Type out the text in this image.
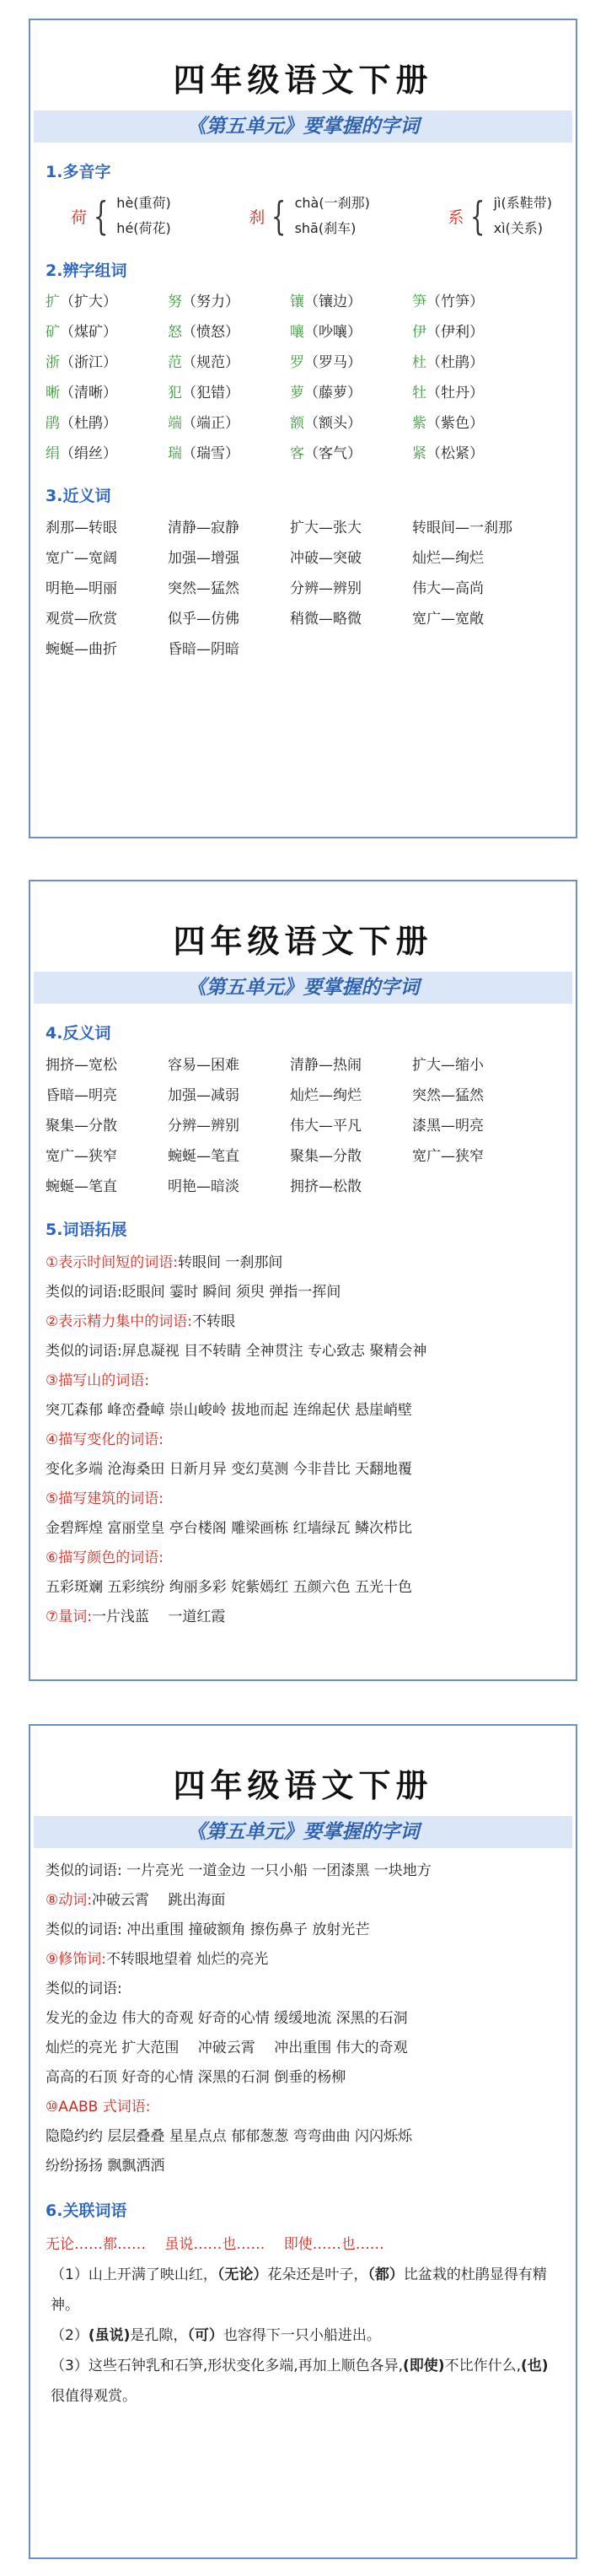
四年级语文下册
《第五单元》要掌握的字词
1.多音字
荷 { hè(重荷)
hé(荷花)
刹 { chà(一刹那)
shā(刹车)
系 { jì(系鞋带)
xì(关系)
2.辨字组词
扩（扩大）	努（努力）	镶（镶边）	笋（竹笋）
矿（煤矿）	怒（愤怒）	嚷（吵嚷）	伊（伊利）
浙（浙江）	范（规范）	罗（罗马）	杜（杜鹃）
晰（清晰）	犯（犯错）	萝（藤萝）	牡（牡丹）
鹃（杜鹃）	端（端正）	额（额头）	紫（紫色）
绢（绢丝）	瑞（瑞雪）	客（客气）	紧（松紧）
3.近义词
刹那—转眼	清静—寂静	扩大—张大	转眼间—一刹那
宽广—宽阔	加强—增强	冲破—突破	灿烂—绚烂
明艳—明丽	突然—猛然	分辨—辨别	伟大—高尚
观赏—欣赏	似乎—仿佛	稍微—略微	宽广—宽敞
蜿蜒—曲折	昏暗—阴暗
四年级语文下册
《第五单元》要掌握的字词
4.反义词
拥挤—宽松	容易—困难	清静—热闹	扩大—缩小
昏暗—明亮	加强—减弱	灿烂—绚烂	突然—猛然
聚集—分散	分辨—辨别	伟大—平凡	漆黑—明亮
宽广—狭窄	蜿蜒—笔直	聚集—分散	宽广—狭窄
蜿蜒—笔直	明艳—暗淡	拥挤—松散
5.词语拓展
①表示时间短的词语:转眼间 一刹那间
类似的词语:眨眼间 霎时 瞬间 须臾 弹指一挥间
②表示精力集中的词语:不转眼
类似的词语:屏息凝视 目不转睛 全神贯注 专心致志 聚精会神
③描写山的词语:
突兀森郁 峰峦叠嶂 崇山峻岭 拔地而起 连绵起伏 悬崖峭壁
④描写变化的词语:
变化多端 沧海桑田 日新月异 变幻莫测 今非昔比 天翻地覆
⑤描写建筑的词语:
金碧辉煌 富丽堂皇 亭台楼阁 雕梁画栋 红墙绿瓦 鳞次栉比
⑥描写颜色的词语:
五彩斑斓 五彩缤纷 绚丽多彩 姹紫嫣红 五颜六色 五光十色
⑦量词:一片浅蓝　 一道红霞
四年级语文下册
《第五单元》要掌握的字词
类似的词语: 一片亮光 一道金边 一只小船 一团漆黑 一块地方
⑧动词:冲破云霄　 跳出海面
类似的词语: 冲出重围 撞破额角 擦伤鼻子 放射光芒
⑨修饰词:不转眼地望着 灿烂的亮光
类似的词语:
发光的金边 伟大的奇观 好奇的心情 缓缓地流 深黑的石洞
灿烂的亮光 扩大范围　 冲破云霄　 冲出重围 伟大的奇观
高高的石顶 好奇的心情 深黑的石洞 倒垂的杨柳
⑩AABB 式词语:
隐隐约约 层层叠叠 星星点点 郁郁葱葱 弯弯曲曲 闪闪烁烁
纷纷扬扬 飘飘洒洒
6.关联词语
无论……都……　 虽说……也……　 即使……也……
（1）山上开满了映山红，（无论）花朵还是叶子，（都）比盆栽的杜鹃显得有精神。
（2）(虽说)是孔隙，（可）也容得下一只小船进出。
（3）这些石钟乳和石笋,形状变化多端,再加上顺色各异,(即使)不比作什么,(也)很值得观赏。
